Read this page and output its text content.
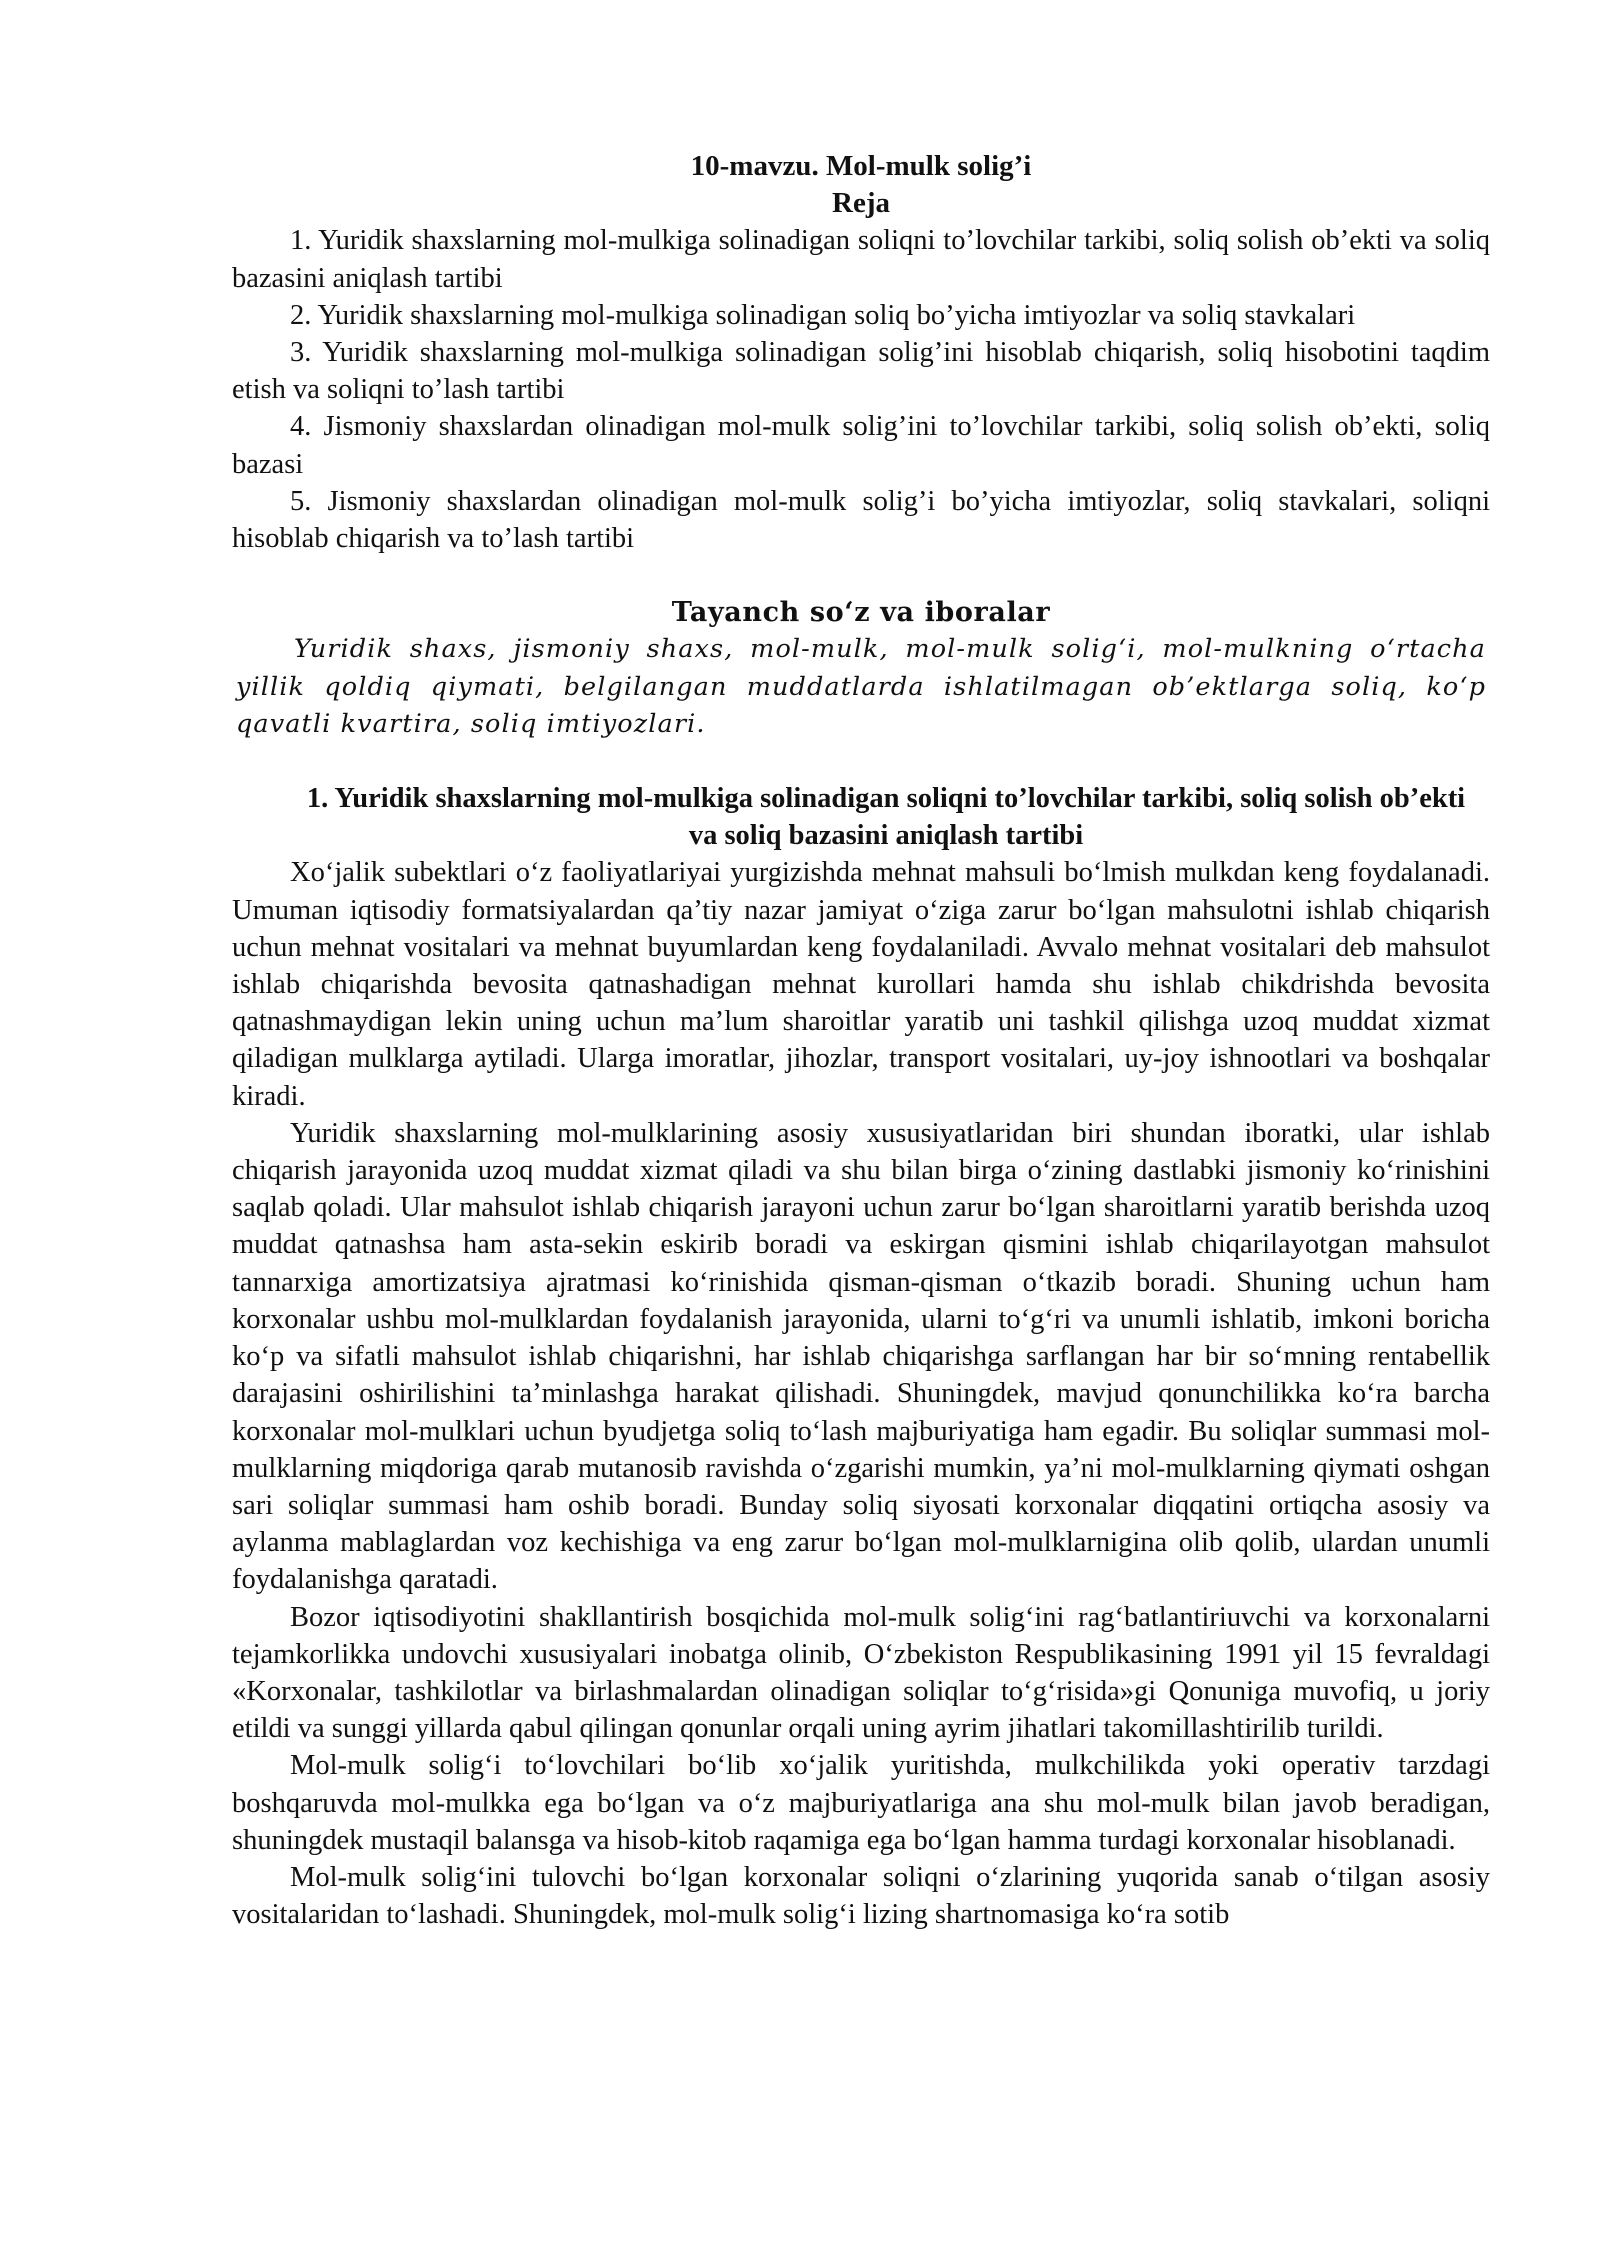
10-mavzu. Mol-mulk solig’i

Reja

1. Yuridik shaxslarning mol-mulkiga solinadigan soliqni to’lovchilar tarkibi, soliq solish ob’ekti va soliq bazasini aniqlash tartibi

2. Yuridik shaxslarning mol-mulkiga solinadigan soliq bo’yicha imtiyozlar va soliq stavkalari

3. Yuridik shaxslarning mol-mulkiga solinadigan solig’ini hisoblab chiqarish, soliq hisobotini taqdim etish va soliqni to’lash tartibi

4. Jismoniy shaxslardan olinadigan mol-mulk solig’ini to’lovchilar tarkibi, soliq solish ob’ekti, soliq bazasi

5. Jismoniy shaxslardan olinadigan mol-mulk solig’i bo’yicha imtiyozlar, soliq stavkalari, soliqni hisoblab chiqarish va to’lash tartibi

Tayanch so‘z va iboralar

Yuridik shaxs, jismoniy shaxs, mol-mulk, mol-mulk solig‘i, mol-mulkning o‘rtacha yillik qoldiq qiymati, belgilangan muddatlarda ishlatilmagan ob’ektlarga soliq, ko‘p qavatli kvartira, soliq imtiyozlari.

1. Yuridik shaxslarning mol-mulkiga solinadigan soliqni to’lovchilar tarkibi, soliq solish ob’ekti va soliq bazasini aniqlash tartibi

Xo‘jalik subektlari o‘z faoliyatlariyai yurgizishda mehnat mahsuli bo‘lmish mulkdan keng foydalanadi. Umuman iqtisodiy formatsiyalardan qa’tiy nazar jamiyat o‘ziga zarur bo‘lgan mahsulotni ishlab chiqarish uchun mehnat vositalari va mehnat buyumlardan keng foydalaniladi. Avvalo mehnat vositalari deb mahsulot ishlab chiqarishda bevosita qatnashadigan mehnat kurollari hamda shu ishlab chikdrishda bevosita qatnashmaydigan lekin uning uchun ma’lum sharoitlar yaratib uni tashkil qilishga uzoq muddat xizmat qiladigan mulklarga aytiladi. Ularga imoratlar, jihozlar, transport vositalari, uy-joy ishnootlari va boshqalar kiradi.

Yuridik shaxslarning mol-mulklarining asosiy xususiyatlaridan biri shundan iboratki, ular ishlab chiqarish jarayonida uzoq muddat xizmat qiladi va shu bilan birga o‘zining dastlabki jismoniy ko‘rinishini saqlab qoladi. Ular mahsulot ishlab chiqarish jarayoni uchun zarur bo‘lgan sharoitlarni yaratib berishda uzoq muddat qatnashsa ham asta-sekin eskirib boradi va eskirgan qismini ishlab chiqarilayotgan mahsulot tannarxiga amortizatsiya ajratmasi ko‘rinishida qisman-qisman o‘tkazib boradi. Shuning uchun ham korxonalar ushbu mol-mulklardan foydalanish jarayonida, ularni to‘g‘ri va unumli ishlatib, imkoni boricha ko‘p va sifatli mahsulot ishlab chiqarishni, har ishlab chiqarishga sarflangan har bir so‘mning rentabellik darajasini oshirilishini ta’minlashga harakat qilishadi. Shuningdek, mavjud qonunchilikka ko‘ra barcha korxonalar mol-mulklari uchun byudjetga soliq to‘lash majburiyatiga ham egadir. Bu soliqlar summasi mol-mulklarning miqdoriga qarab mutanosib ravishda o‘zgarishi mumkin, ya’ni mol-mulklarning qiymati oshgan sari soliqlar summasi ham oshib boradi. Bunday soliq siyosati korxonalar diqqatini ortiqcha asosiy va aylanma mablaglardan voz kechishiga va eng zarur bo‘lgan mol-mulklarnigina olib qolib, ulardan unumli foydalanishga qaratadi.

Bozor iqtisodiyotini shakllantirish bosqichida mol-mulk solig‘ini rag‘batlantiriuvchi va korxonalarni tejamkorlikka undovchi xususiyalari inobatga olinib, O‘zbekiston Respublikasining 1991 yil 15 fevraldagi «Korxonalar, tashkilotlar va birlashmalardan olinadigan soliqlar to‘g‘risida»gi Qonuniga muvofiq, u joriy etildi va sunggi yillarda qabul qilingan qonunlar orqali uning ayrim jihatlari takomillashtirilib turildi.

Mol-mulk solig‘i to‘lovchilari bo‘lib xo‘jalik yuritishda, mulkchilikda yoki operativ tarzdagi boshqaruvda mol-mulkka ega bo‘lgan va o‘z majburiyatlariga ana shu mol-mulk bilan javob beradigan, shuningdek mustaqil balansga va hisob-kitob raqamiga ega bo‘lgan hamma turdagi korxonalar hisoblanadi.

Mol-mulk solig‘ini tulovchi bo‘lgan korxonalar soliqni o‘zlarining yuqorida sanab o‘tilgan asosiy vositalaridan to‘lashadi. Shuningdek, mol-mulk solig‘i lizing shartnomasiga ko‘ra sotib
